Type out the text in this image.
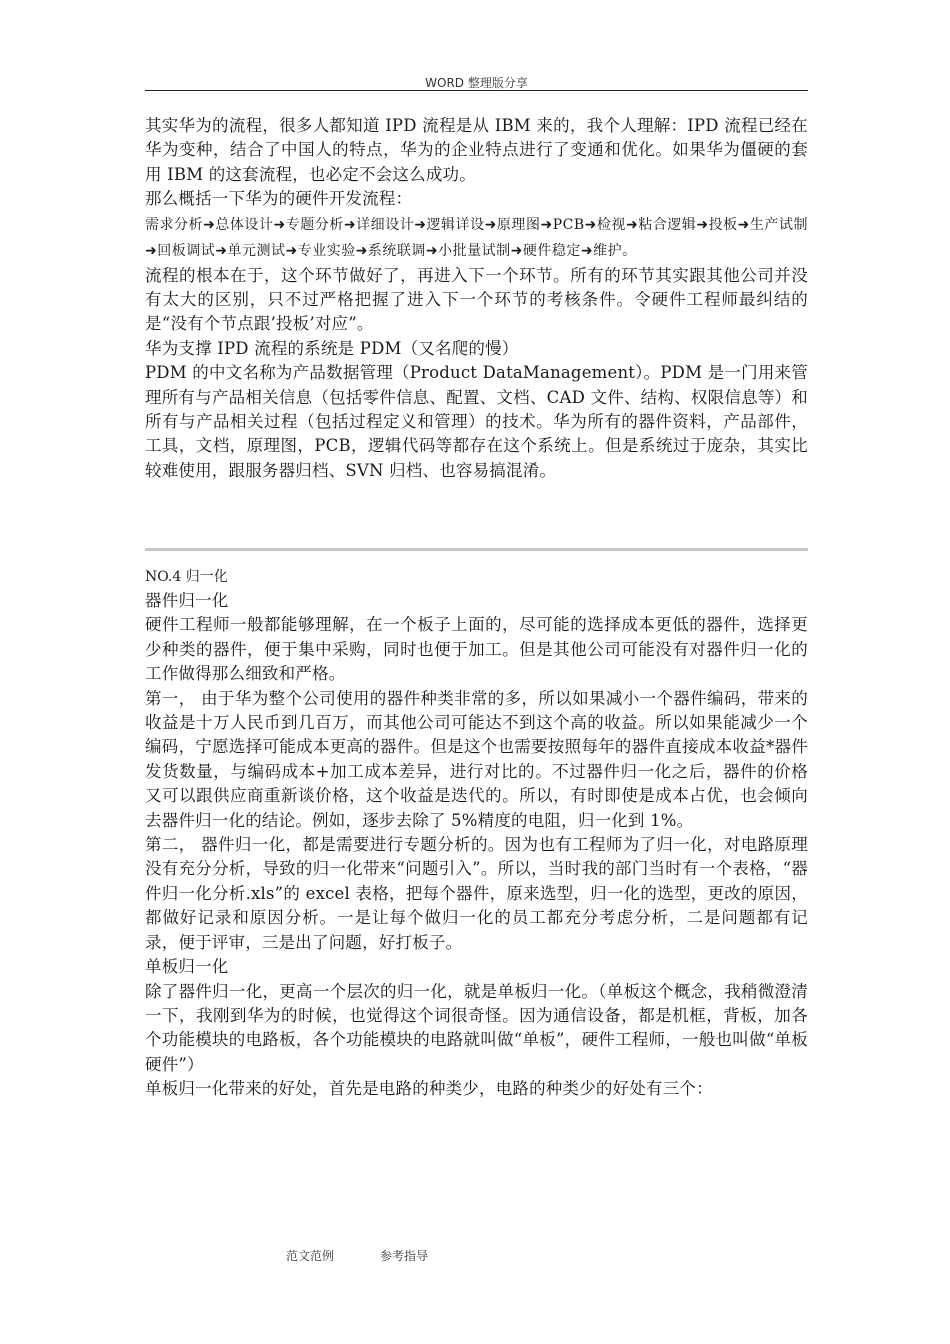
WORD 整理版分享

其实华为的流程，很多人都知道 IPD 流程是从 IBM 来的，我个人理解：IPD 流程已经在华为变种，结合了中国人的特点，华为的企业特点进行了变通和优化。如果华为僵硬的套用 IBM 的这套流程，也必定不会这么成功。

那么概括一下华为的硬件开发流程：

需求分析➜总体设计➜专题分析➜详细设计➜逻辑详设➜原理图➜PCB➜检视➜粘合逻辑➜投板➜生产试制➜回板调试➜单元测试➜专业实验➜系统联调➜小批量试制➜硬件稳定➜维护。

流程的根本在于，这个环节做好了，再进入下一个环节。所有的环节其实跟其他公司并没有太大的区别，只不过严格把握了进入下一个环节的考核条件。令硬件工程师最纠结的是“没有个节点跟’投板’对应”。

华为支撑 IPD 流程的系统是 PDM（又名爬的慢）

PDM 的中文名称为产品数据管理（Product DataManagement）。PDM 是一门用来管理所有与产品相关信息（包括零件信息、配置、文档、CAD 文件、结构、权限信息等）和所有与产品相关过程（包括过程定义和管理）的技术。华为所有的器件资料，产品部件，工具，文档，原理图，PCB，逻辑代码等都存在这个系统上。但是系统过于庞杂，其实比较难使用，跟服务器归档、SVN 归档、也容易搞混淆。

NO.4 归一化

器件归一化

硬件工程师一般都能够理解，在一个板子上面的，尽可能的选择成本更低的器件，选择更少种类的器件，便于集中采购，同时也便于加工。但是其他公司可能没有对器件归一化的工作做得那么细致和严格。

第一， 由于华为整个公司使用的器件种类非常的多，所以如果减小一个器件编码，带来的收益是十万人民币到几百万，而其他公司可能达不到这个高的收益。所以如果能减少一个编码，宁愿选择可能成本更高的器件。但是这个也需要按照每年的器件直接成本收益*器件发货数量，与编码成本+加工成本差异，进行对比的。不过器件归一化之后，器件的价格又可以跟供应商重新谈价格，这个收益是迭代的。所以，有时即使是成本占优，也会倾向去器件归一化的结论。例如，逐步去除了 5%精度的电阻，归一化到 1%。

第二， 器件归一化，都是需要进行专题分析的。因为也有工程师为了归一化，对电路原理没有充分分析，导致的归一化带来“问题引入”。所以，当时我的部门当时有一个表格，“器件归一化分析.xls”的 excel 表格，把每个器件，原来选型，归一化的选型，更改的原因，都做好记录和原因分析。一是让每个做归一化的员工都充分考虑分析，二是问题都有记录，便于评审，三是出了问题，好打板子。

单板归一化

除了器件归一化，更高一个层次的归一化，就是单板归一化。（单板这个概念，我稍微澄清一下，我刚到华为的时候，也觉得这个词很奇怪。因为通信设备，都是机框，背板，加各个功能模块的电路板，各个功能模块的电路就叫做“单板”，硬件工程师，一般也叫做“单板硬件”）

单板归一化带来的好处，首先是电路的种类少，电路的种类少的好处有三个：

范文范例	参考指导
